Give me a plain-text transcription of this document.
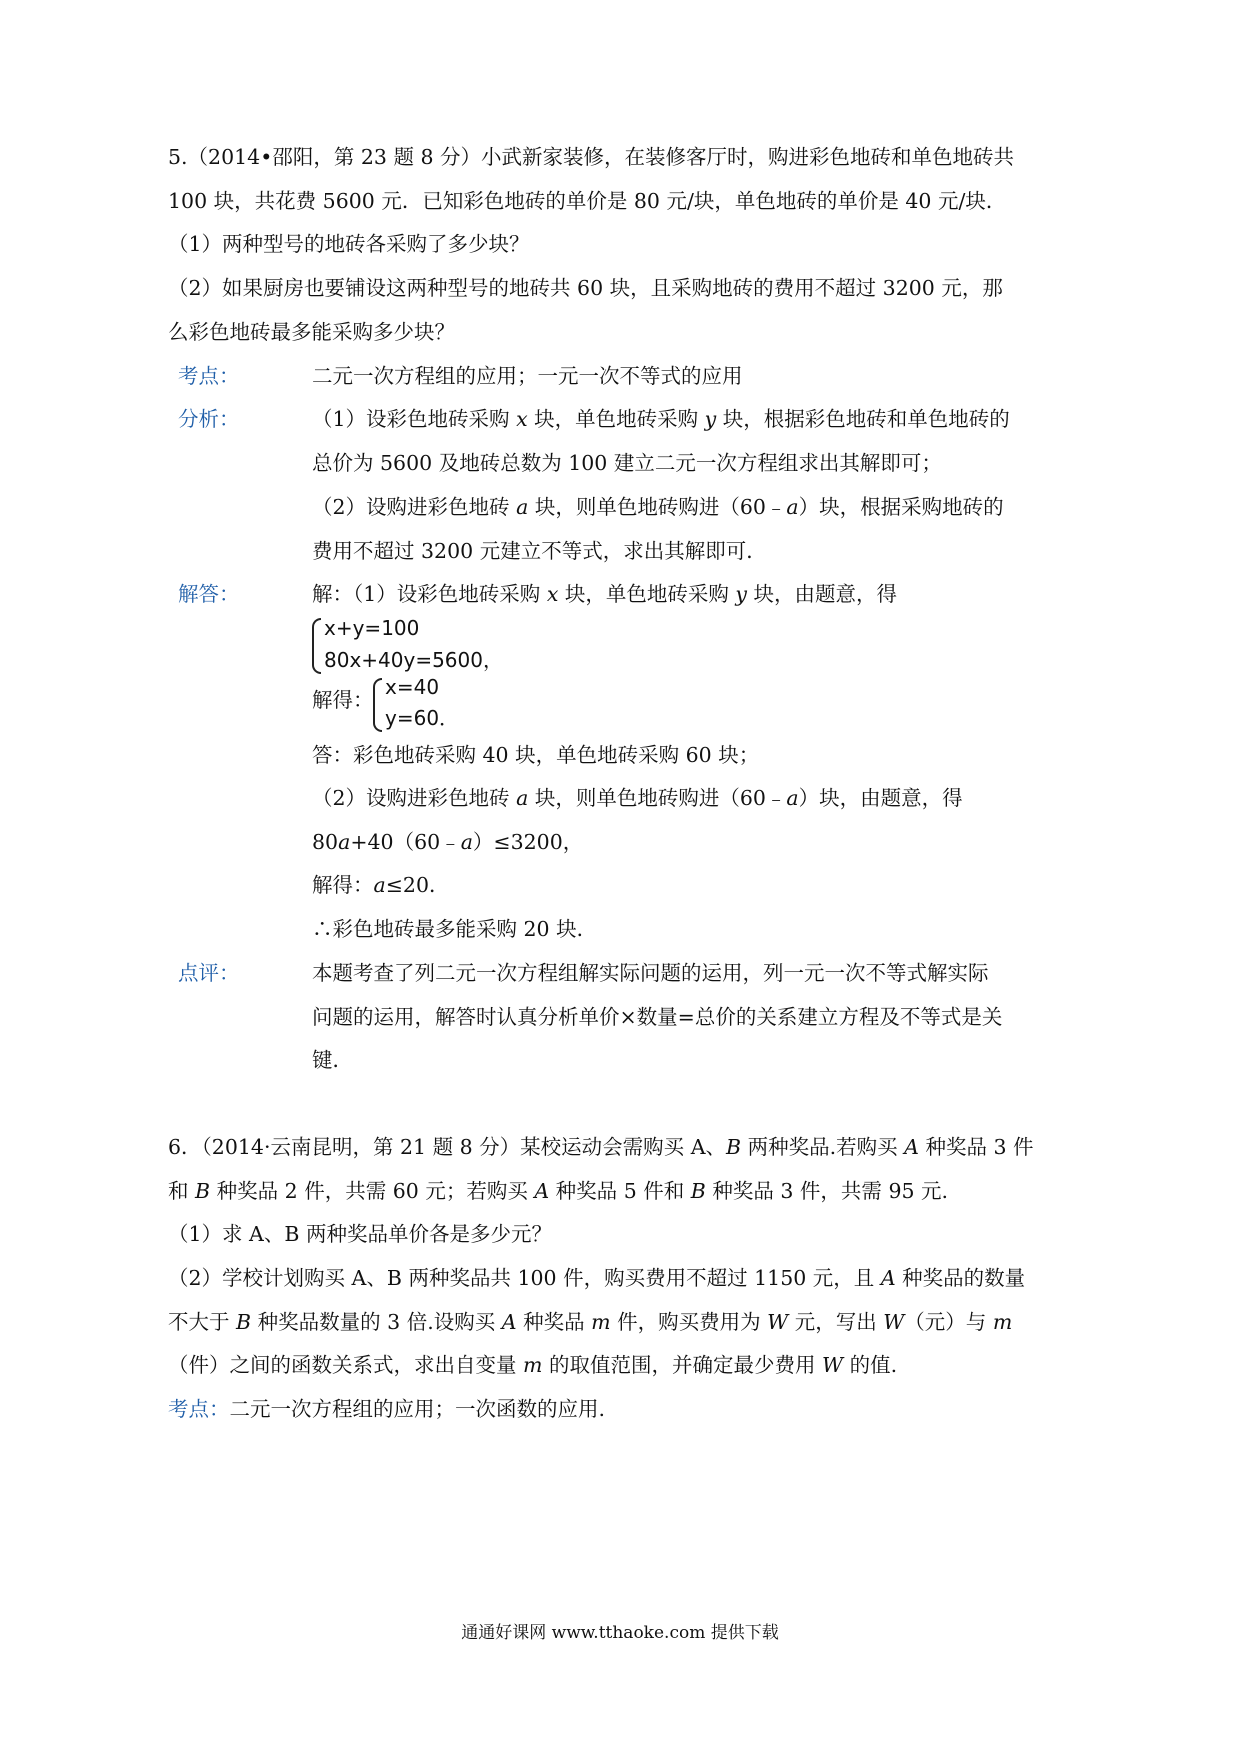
5.（2014•邵阳，第 23 题 8 分）小武新家装修，在装修客厅时，购进彩色地砖和单色地砖共
100 块，共花费 5600 元．已知彩色地砖的单价是 80 元/块，单色地砖的单价是 40 元/块．
（1）两种型号的地砖各采购了多少块？
（2）如果厨房也要铺设这两种型号的地砖共 60 块，且采购地砖的费用不超过 3200 元，那
么彩色地砖最多能采购多少块？
考点：	二元一次方程组的应用；一元一次不等式的应用
分析：	（1）设彩色地砖采购 x 块，单色地砖采购 y 块，根据彩色地砖和单色地砖的
总价为 5600 及地砖总数为 100 建立二元一次方程组求出其解即可；
（2）设购进彩色地砖 a 块，则单色地砖购进（60﹣a）块，根据采购地砖的
费用不超过 3200 元建立不等式，求出其解即可．
解答：	解：（1）设彩色地砖采购 x 块，单色地砖采购 y 块，由题意，得
x+y=100
80x+40y=5600，
解得：
x=40
y=60．
答：彩色地砖采购 40 块，单色地砖采购 60 块；
（2）设购进彩色地砖 a 块，则单色地砖购进（60﹣a）块，由题意，得
80a+40（60﹣a）≤3200，
解得：a≤20．
∴彩色地砖最多能采购 20 块．
点评：	本题考查了列二元一次方程组解实际问题的运用，列一元一次不等式解实际
问题的运用，解答时认真分析单价×数量=总价的关系建立方程及不等式是关
键．
6．（2014·云南昆明，第 21 题 8 分）某校运动会需购买 A、B 两种奖品.若购买 A 种奖品 3 件
和 B 种奖品 2 件，共需 60 元；若购买 A 种奖品 5 件和 B 种奖品 3 件，共需 95 元.
（1）求 A、B 两种奖品单价各是多少元？
（2）学校计划购买 A、B 两种奖品共 100 件，购买费用不超过 1150 元，且 A 种奖品的数量
不大于 B 种奖品数量的 3 倍.设购买 A 种奖品 m 件，购买费用为 W 元，写出 W（元）与 m
（件）之间的函数关系式，求出自变量 m 的取值范围，并确定最少费用 W 的值.
考点：二元一次方程组的应用；一次函数的应用.
通通好课网 www.tthaoke.com 提供下载
